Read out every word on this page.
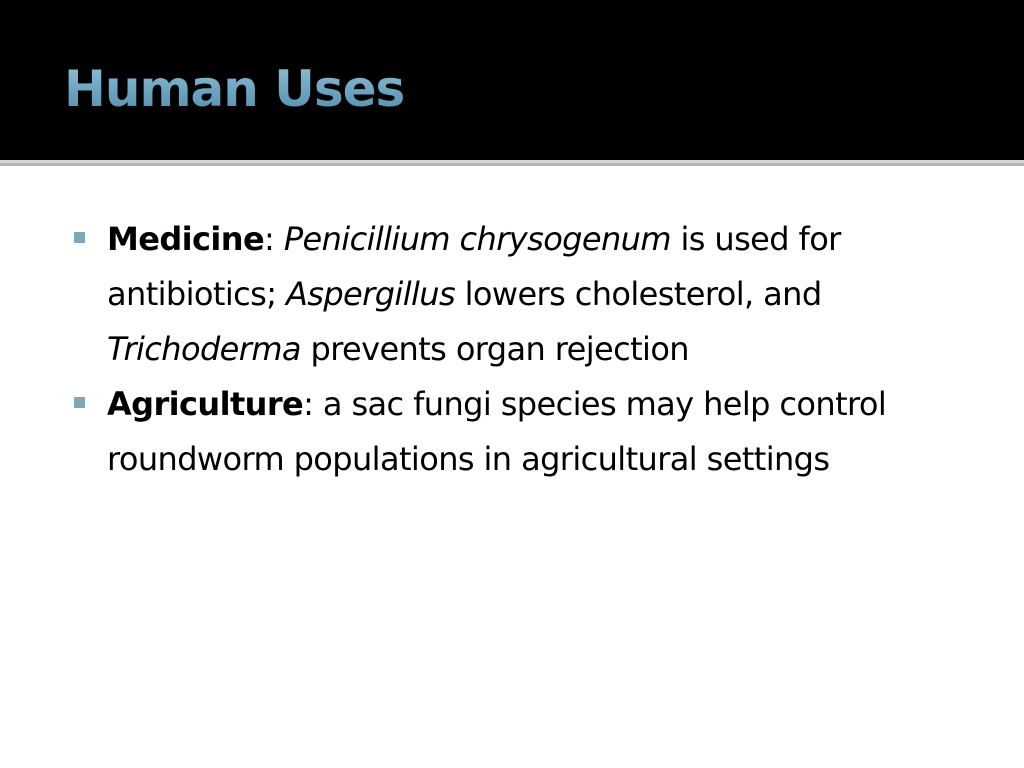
Human Uses
Medicine: Penicillium chrysogenum is used for antibiotics; Aspergillus lowers cholesterol, and Trichoderma prevents organ rejection
Agriculture: a sac fungi species may help control roundworm populations in agricultural settings
